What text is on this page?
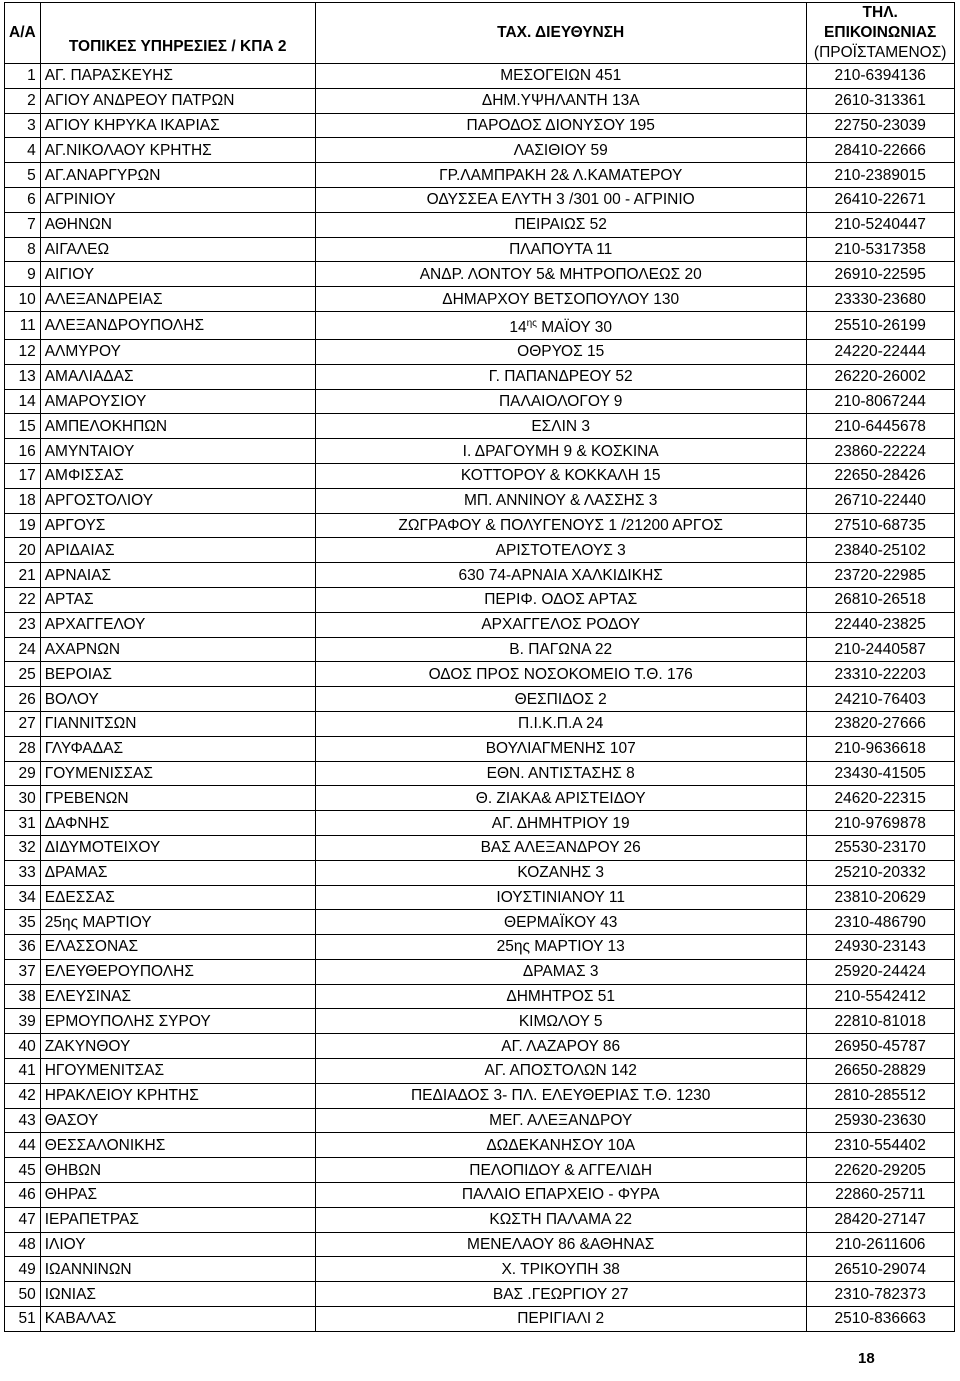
Α/Α	ΤΟΠΙΚΕΣ ΥΠΗΡΕΣΙΕΣ / ΚΠΑ 2	ΤΑΧ. ΔΙΕΥΘΥΝΣΗ	ΤΗΛ.
ΕΠΙΚΟΙΝΩΝΙΑΣ
(ΠΡΟΪΣΤΑΜΕΝΟΣ)

1	ΑΓ. ΠΑΡΑΣΚΕΥΗΣ	ΜΕΣΟΓΕΙΩΝ 451	210-6394136
2	ΑΓΙΟΥ ΑΝΔΡΕΟΥ ΠΑΤΡΩΝ	ΔΗΜ.ΥΨΗΛΑΝΤΗ 13Α	2610-313361
3	ΑΓΙΟΥ ΚΗΡΥΚΑ ΙΚΑΡΙΑΣ	ΠΑΡΟΔΟΣ ΔΙΟΝΥΣΟΥ 195	22750-23039
4	ΑΓ.ΝΙΚΟΛΑΟΥ ΚΡΗΤΗΣ	ΛΑΣΙΘΙΟΥ 59	28410-22666
5	ΑΓ.ΑΝΑΡΓΥΡΩΝ	ΓΡ.ΛΑΜΠΡΑΚΗ 2& Λ.ΚΑΜΑΤΕΡΟΥ	210-2389015
6	ΑΓΡΙΝΙΟΥ	ΟΔΥΣΣΕΑ ΕΛΥΤΗ 3 /301 00 - ΑΓΡΙΝΙΟ	26410-22671
7	ΑΘΗΝΩΝ	ΠΕΙΡΑΙΩΣ 52	210-5240447
8	ΑΙΓΑΛΕΩ	ΠΛΑΠΟΥΤΑ 11	210-5317358
9	ΑΙΓΙΟΥ	ΑΝΔΡ. ΛΟΝΤΟΥ 5& ΜΗΤΡΟΠΟΛΕΩΣ 20	26910-22595
10	ΑΛΕΞΑΝΔΡΕΙΑΣ	ΔΗΜΑΡΧΟΥ ΒΕΤΣΟΠΟΥΛΟΥ 130	23330-23680
11	ΑΛΕΞΑΝΔΡΟΥΠΟΛΗΣ	$14^{\eta\varsigma}$ ΜΑΪΟΥ 30	25510-26199
12	ΑΛΜΥΡΟΥ	ΟΘΡΥΟΣ 15	24220-22444
13	ΑΜΑΛΙΑΔΑΣ	Γ. ΠΑΠΑΝΔΡΕΟΥ 52	26220-26002
14	ΑΜΑΡΟΥΣΙΟΥ	ΠΑΛΑΙΟΛΟΓΟΥ 9	210-8067244
15	ΑΜΠΕΛΟΚΗΠΩΝ	ΕΣΛΙΝ 3	210-6445678
16	ΑΜΥΝΤΑΙΟΥ	Ι. ΔΡΑΓΟΥΜΗ 9 & ΚΟΣΚΙΝΑ	23860-22224
17	ΑΜΦΙΣΣΑΣ	ΚΟΤΤΟΡΟΥ & ΚΟΚΚΑΛΗ 15	22650-28426
18	ΑΡΓΟΣΤΟΛΙΟΥ	ΜΠ. ΑΝΝΙΝΟΥ & ΛΑΣΣΗΣ 3	26710-22440
19	ΑΡΓΟΥΣ	ΖΩΓΡΑΦΟΥ & ΠΟΛΥΓΕΝΟΥΣ 1 /21200 ΑΡΓΟΣ	27510-68735
20	ΑΡΙΔΑΙΑΣ	ΑΡΙΣΤΟΤΕΛΟΥΣ 3	23840-25102
21	ΑΡΝΑΙΑΣ	630 74-ΑΡΝΑΙΑ ΧΑΛΚΙΔΙΚΗΣ	23720-22985
22	ΑΡΤΑΣ	ΠΕΡΙΦ. ΟΔΟΣ ΑΡΤΑΣ	26810-26518
23	ΑΡΧΑΓΓΕΛΟΥ	ΑΡΧΑΓΓΕΛΟΣ ΡΟΔΟΥ	22440-23825
24	ΑΧΑΡΝΩΝ	Β. ΠΑΓΩΝΑ 22	210-2440587
25	ΒΕΡΟΙΑΣ	ΟΔΟΣ ΠΡΟΣ ΝΟΣΟΚΟΜΕΙΟ Τ.Θ. 176	23310-22203
26	ΒΟΛΟΥ	ΘΕΣΠΙΔΟΣ 2	24210-76403
27	ΓΙΑΝΝΙΤΣΩΝ	Π.Ι.Κ.Π.Α 24	23820-27666
28	ΓΛΥΦΑΔΑΣ	ΒΟΥΛΙΑΓΜΕΝΗΣ 107	210-9636618
29	ΓΟΥΜΕΝΙΣΣΑΣ	ΕΘΝ. ΑΝΤΙΣΤΑΣΗΣ 8	23430-41505
30	ΓΡΕΒΕΝΩΝ	Θ. ΖΙΑΚΑ& ΑΡΙΣΤΕΙΔΟΥ	24620-22315
31	ΔΑΦΝΗΣ	ΑΓ. ΔΗΜΗΤΡΙΟΥ 19	210-9769878
32	ΔΙΔΥΜΟΤΕΙΧΟΥ	ΒΑΣ ΑΛΕΞΑΝΔΡΟΥ 26	25530-23170
33	ΔΡΑΜΑΣ	ΚΟΖΑΝΗΣ 3	25210-20332
34	ΕΔΕΣΣΑΣ	ΙΟΥΣΤΙΝΙΑΝΟΥ 11	23810-20629
35	25ης ΜΑΡΤΙΟΥ	ΘΕΡΜΑΪΚΟΥ 43	2310-486790
36	ΕΛΑΣΣΟΝΑΣ	25ης ΜΑΡΤΙΟΥ 13	24930-23143
37	ΕΛΕΥΘΕΡΟΥΠΟΛΗΣ	ΔΡΑΜΑΣ 3	25920-24424
38	ΕΛΕΥΣΙΝΑΣ	ΔΗΜΗΤΡΟΣ 51	210-5542412
39	ΕΡΜΟΥΠΟΛΗΣ ΣΥΡΟΥ	ΚΙΜΩΛΟΥ 5	22810-81018
40	ΖΑΚΥΝΘΟΥ	ΑΓ. ΛΑΖΑΡΟΥ 86	26950-45787
41	ΗΓΟΥΜΕΝΙΤΣΑΣ	ΑΓ. ΑΠΟΣΤΟΛΩΝ 142	26650-28829
42	ΗΡΑΚΛΕΙΟΥ ΚΡΗΤΗΣ	ΠΕΔΙΑΔΟΣ 3- ΠΛ. ΕΛΕΥΘΕΡΙΑΣ Τ.Θ. 1230	2810-285512
43	ΘΑΣΟΥ	ΜΕΓ. ΑΛΕΞΑΝΔΡΟΥ	25930-23630
44	ΘΕΣΣΑΛΟΝΙΚΗΣ	ΔΩΔΕΚΑΝΗΣΟΥ 10Α	2310-554402
45	ΘΗΒΩΝ	ΠΕΛΟΠΙΔΟΥ & ΑΓΓΕΛΙΔΗ	22620-29205
46	ΘΗΡΑΣ	ΠΑΛΑΙΟ ΕΠΑΡΧΕΙΟ - ΦΥΡΑ	22860-25711
47	ΙΕΡΑΠΕΤΡΑΣ	ΚΩΣΤΗ ΠΑΛΑΜΑ 22	28420-27147
48	ΙΛΙΟΥ	ΜΕΝΕΛΑΟΥ 86 &ΑΘΗΝΑΣ	210-2611606
49	ΙΩΑΝΝΙΝΩΝ	Χ. ΤΡΙΚΟΥΠΗ 38	26510-29074
50	ΙΩΝΙΑΣ	ΒΑΣ .ΓΕΩΡΓΙΟΥ 27	2310-782373
51	ΚΑΒΑΛΑΣ	ΠΕΡΙΓΙΑΛΙ 2	2510-836663
18
